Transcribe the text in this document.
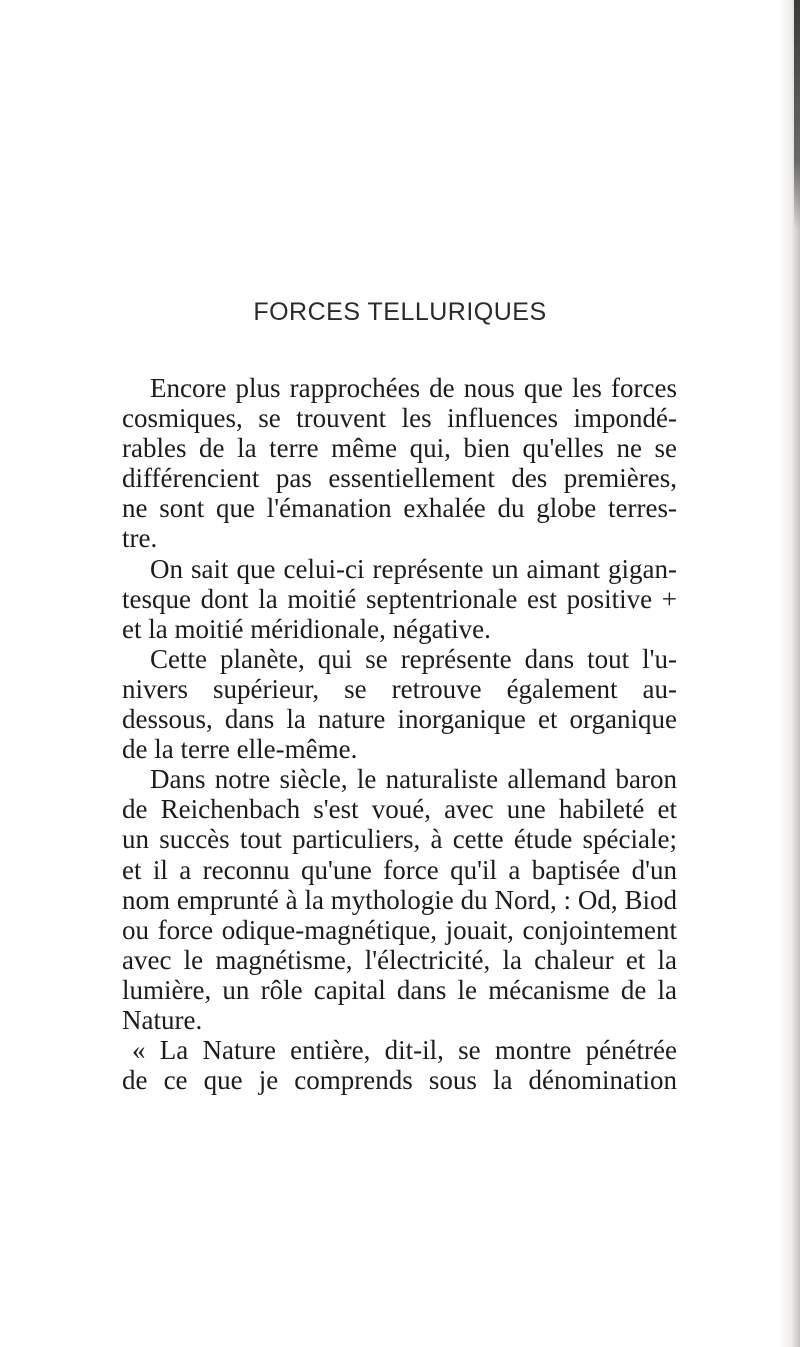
FORCES TELLURIQUES
Encore plus rapprochées de nous que les forces
cosmiques, se trouvent les influences impondé-
rables de la terre même qui, bien qu'elles ne se
différencient pas essentiellement des premières,
ne sont que l'émanation exhalée du globe terres-
tre.
On sait que celui-ci représente un aimant gigan-
tesque dont la moitié septentrionale est positive +
et la moitié méridionale, négative.
Cette planète, qui se représente dans tout l'u-
nivers supérieur, se retrouve également au-
dessous, dans la nature inorganique et organique
de la terre elle-même.
Dans notre siècle, le naturaliste allemand baron
de Reichenbach s'est voué, avec une habileté et
un succès tout particuliers, à cette étude spéciale;
et il a reconnu qu'une force qu'il a baptisée d'un
nom emprunté à la mythologie du Nord, : Od, Biod
ou force odique-magnétique, jouait, conjointement
avec le magnétisme, l'électricité, la chaleur et la
lumière, un rôle capital dans le mécanisme de la
Nature.
« La Nature entière, dit-il, se montre pénétrée
de ce que je comprends sous la dénomination
